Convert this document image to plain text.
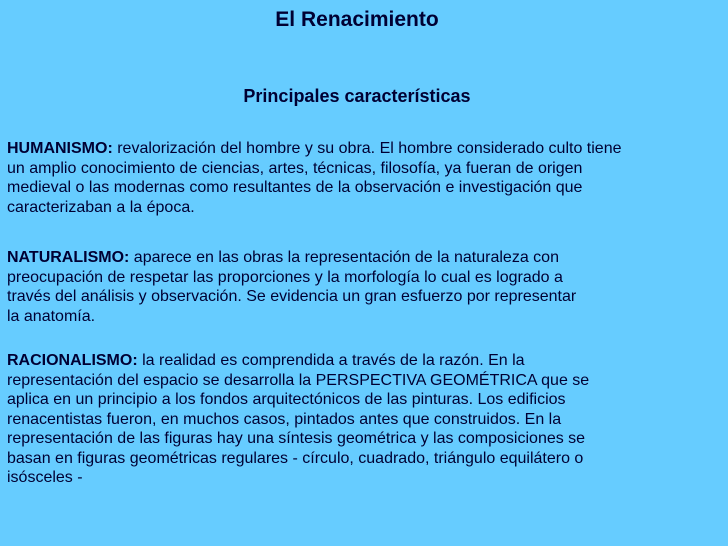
El Renacimiento
Principales características
HUMANISMO: revalorización del hombre y su obra. El hombre considerado culto tiene
un amplio conocimiento de ciencias, artes, técnicas, filosofía, ya fueran de origen
medieval o las modernas como resultantes de la observación e investigación que
caracterizaban a la época.
NATURALISMO: aparece en las obras la representación de la naturaleza con
preocupación de respetar las proporciones y la morfología lo cual es logrado a
través del análisis y observación. Se evidencia un gran esfuerzo por representar
la anatomía.
RACIONALISMO: la realidad es comprendida a través de la razón. En la
representación del espacio se desarrolla la PERSPECTIVA GEOMÉTRICA que se
aplica en un principio a los fondos arquitectónicos de las pinturas. Los edificios
renacentistas fueron, en muchos casos, pintados antes que construidos. En la
representación de las figuras hay una síntesis geométrica y las composiciones se
basan en figuras geométricas regulares - círculo, cuadrado, triángulo equilátero o
isósceles -
